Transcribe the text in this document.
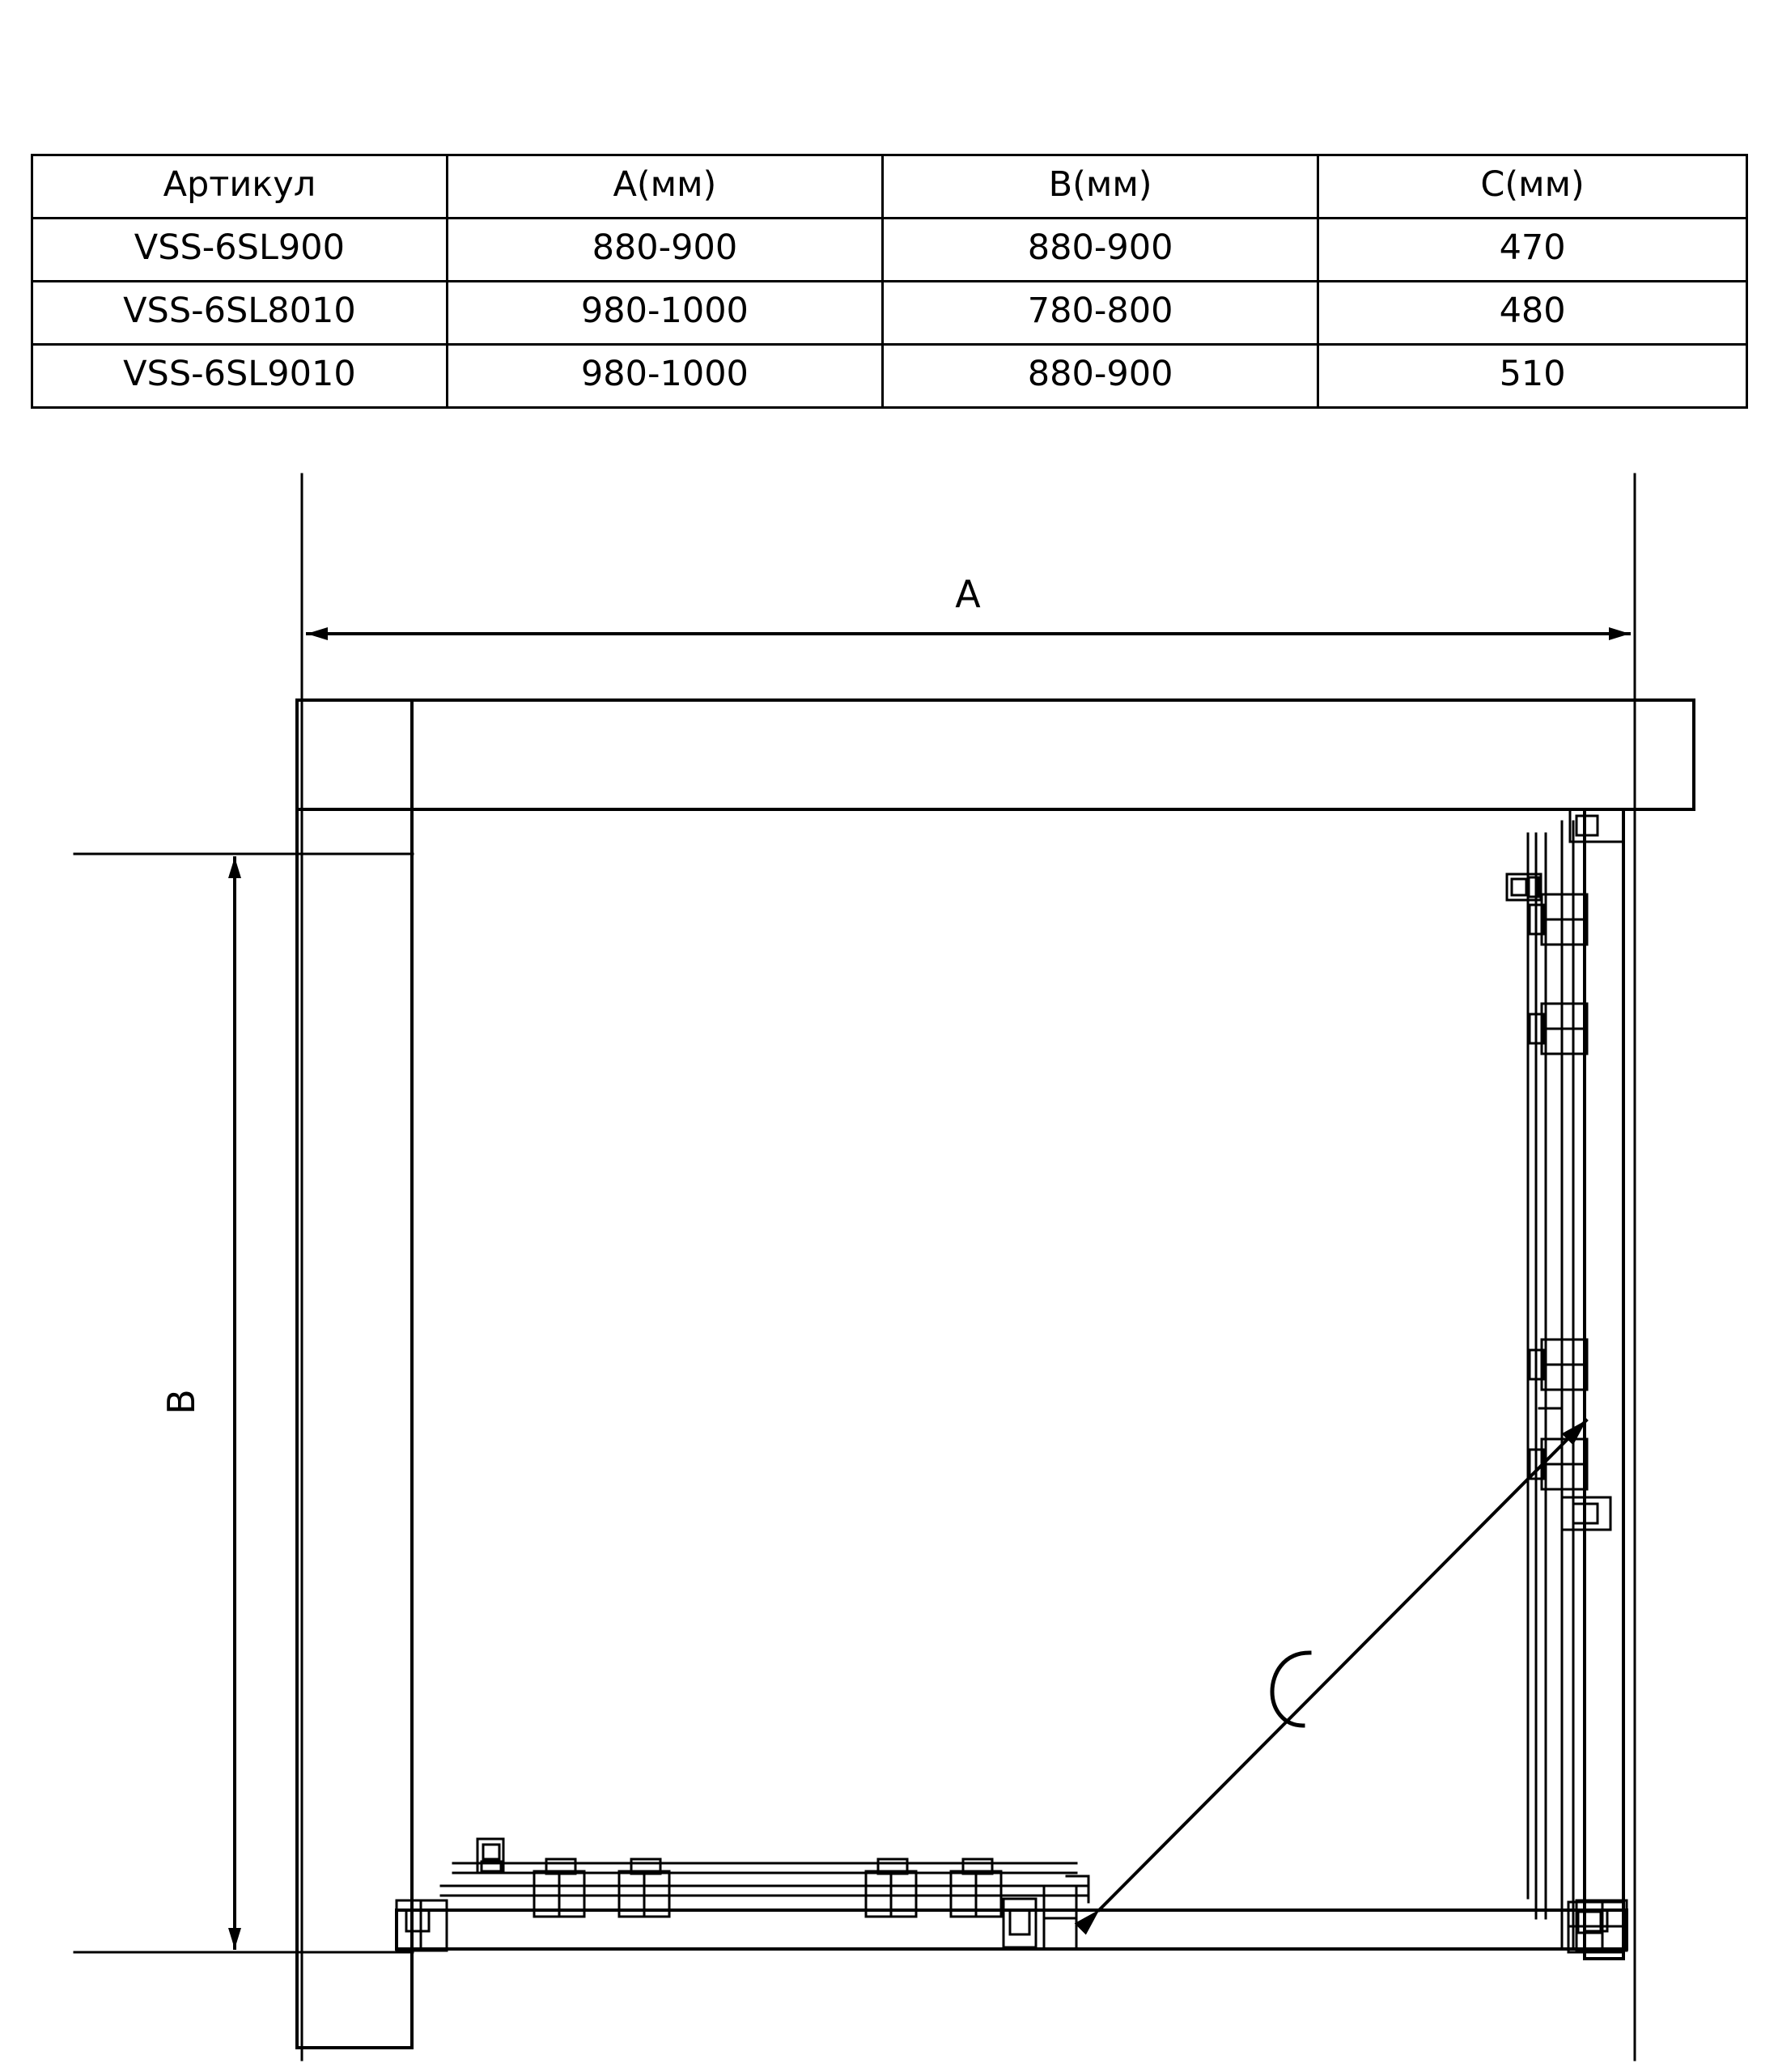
Артикул	A(мм)	B(мм)	C(мм)
VSS-6SL900	880-900	880-900	470
VSS-6SL8010	980-1000	780-800	480
VSS-6SL9010	980-1000	880-900	510
A
B
